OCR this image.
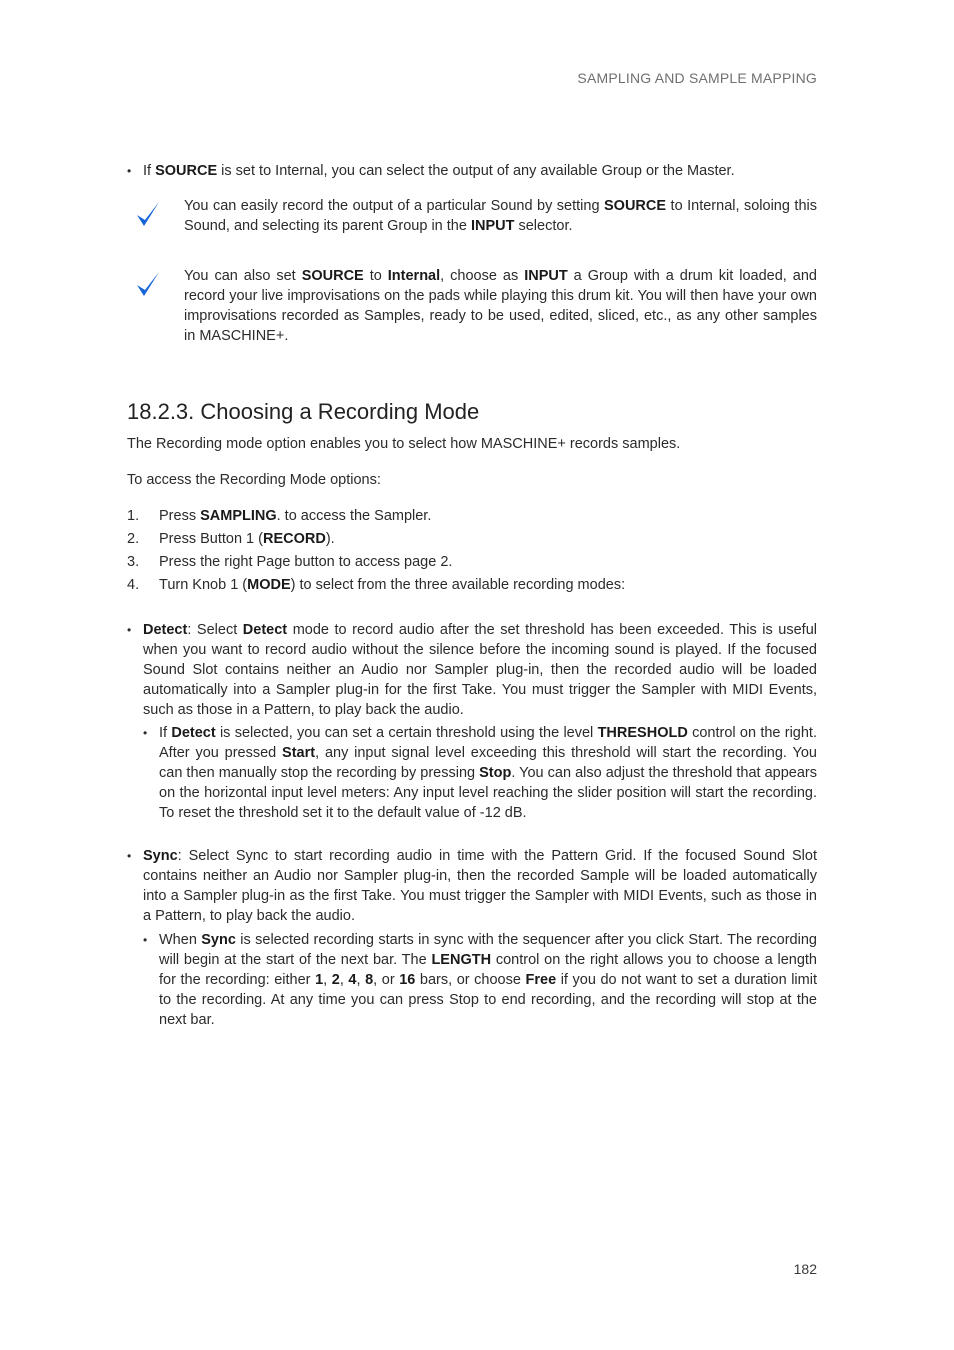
SAMPLING AND SAMPLE MAPPING

• If SOURCE is set to Internal, you can select the output of any available Group or the Master.

You can easily record the output of a particular Sound by setting SOURCE to Internal, soloing this Sound, and selecting its parent Group in the INPUT selector.

You can also set SOURCE to Internal, choose as INPUT a Group with a drum kit loaded, and record your live improvisations on the pads while playing this drum kit. You will then have your own improvisations recorded as Samples, ready to be used, edited, sliced, etc., as any other samples in MASCHINE+.

18.2.3. Choosing a Recording Mode

The Recording mode option enables you to select how MASCHINE+ records samples.

To access the Recording Mode options:

1. Press SAMPLING. to access the Sampler.
2. Press Button 1 (RECORD).
3. Press the right Page button to access page 2.
4. Turn Knob 1 (MODE) to select from the three available recording modes:

• Detect: Select Detect mode to record audio after the set threshold has been exceeded. This is useful when you want to record audio without the silence before the incoming sound is played. If the focused Sound Slot contains neither an Audio nor Sampler plug-in, then the recorded audio will be loaded automatically into a Sampler plug-in for the first Take. You must trigger the Sampler with MIDI Events, such as those in a Pattern, to play back the audio.

• If Detect is selected, you can set a certain threshold using the level THRESHOLD control on the right. After you pressed Start, any input signal level exceeding this threshold will start the recording. You can then manually stop the recording by pressing Stop. You can also adjust the threshold that appears on the horizontal input level meters: Any input level reaching the slider position will start the recording. To reset the threshold set it to the default value of -12 dB.

• Sync: Select Sync to start recording audio in time with the Pattern Grid. If the focused Sound Slot contains neither an Audio nor Sampler plug-in, then the recorded Sample will be loaded automatically into a Sampler plug-in as the first Take. You must trigger the Sampler with MIDI Events, such as those in a Pattern, to play back the audio.

• When Sync is selected recording starts in sync with the sequencer after you click Start. The recording will begin at the start of the next bar. The LENGTH control on the right allows you to choose a length for the recording: either 1, 2, 4, 8, or 16 bars, or choose Free if you do not want to set a duration limit to the recording. At any time you can press Stop to end recording, and the recording will stop at the next bar.

182
